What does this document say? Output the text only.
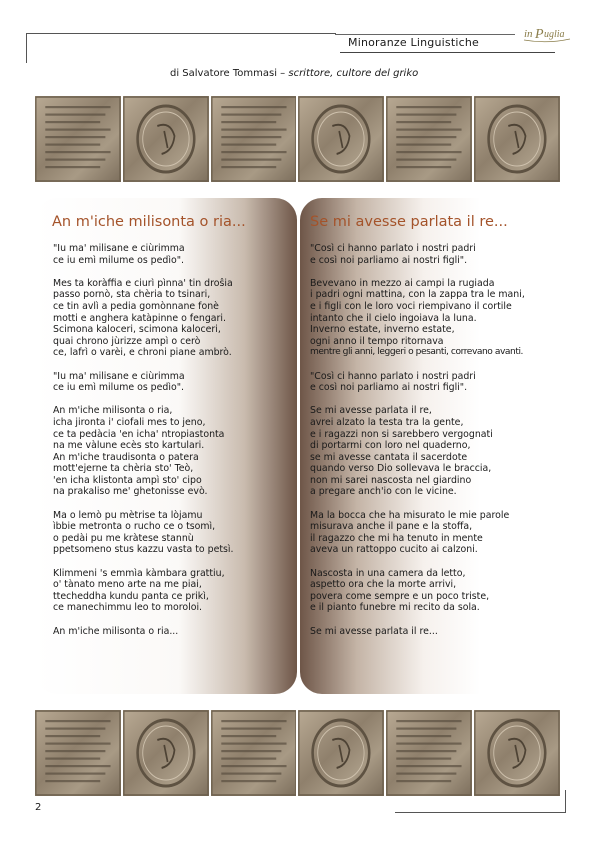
Minoranze Linguistiche
in P uglia
di Salvatore Tommasi – scrittore, cultore del griko
An m'iche milisonta o ria...	Se mi avesse parlata il re...
"Iu ma' milisane e ciùrimma
ce iu emì milume os pedìo".
Mes ta koràffia e ciurì pìnna' tin droŝia
passo pornò, sta chèria to tsinari,
ce tin avlì a pedia gomònnane fonè
motti e anghera katàpinne o fengari.
Scimona kaloceri, scimona kaloceri,
quai chrono jùrizze ampì o cerò
ce, lafrì o varèi, e chroni piane ambrò.
"Iu ma' milisane e ciùrimma
ce iu emì milume os pedìo".
An m'iche milisonta o ria,
icha jironta i' ciofali mes to jeno,
ce ta pedàcia 'en icha' ntropiastonta
na me vàlune ecès sto kartulari.
An m'iche traudisonta o patera
mott'ejerne ta chèria sto' Teò,
'en icha klistonta ampì sto' cipo
na prakaliso me' ghetonisse evò.
Ma o lemò pu mètrise ta lòjamu
ìbbie metronta o rucho ce o tsomì,
o pedài pu me kràtese stannù
ppetsomeno stus kazzu vasta to petsì.
Klimmeni 's emmìa kàmbara grattiu,
o' tànato meno arte na me piai,
ttecheddha kundu panta ce prikì,
ce manechimmu leo to moroloi.
An m'iche milisonta o ria...
"Così ci hanno parlato i nostri padri
e così noi parliamo ai nostri figli".
Bevevano in mezzo ai campi la rugiada
i padri ogni mattina, con la zappa tra le mani,
e i figli con le loro voci riempivano il cortile
intanto che il cielo ingoiava la luna.
Inverno estate, inverno estate,
ogni anno il tempo ritornava
mentre gli anni, leggeri o pesanti, correvano avanti.
"Così ci hanno parlato i nostri padri
e così noi parliamo ai nostri figli".
Se mi avesse parlata il re,
avrei alzato la testa tra la gente,
e i ragazzi non si sarebbero vergognati
di portarmi con loro nel quaderno,
se mi avesse cantata il sacerdote
quando verso Dio sollevava le braccia,
non mi sarei nascosta nel giardino
a pregare anch'io con le vicine.
Ma la bocca che ha misurato le mie parole
misurava anche il pane e la stoffa,
il ragazzo che mi ha tenuto in mente
aveva un rattoppo cucito ai calzoni.
Nascosta in una camera da letto,
aspetto ora che la morte arrivi,
povera come sempre e un poco triste,
e il pianto funebre mi recito da sola.
Se mi avesse parlata il re...
2
